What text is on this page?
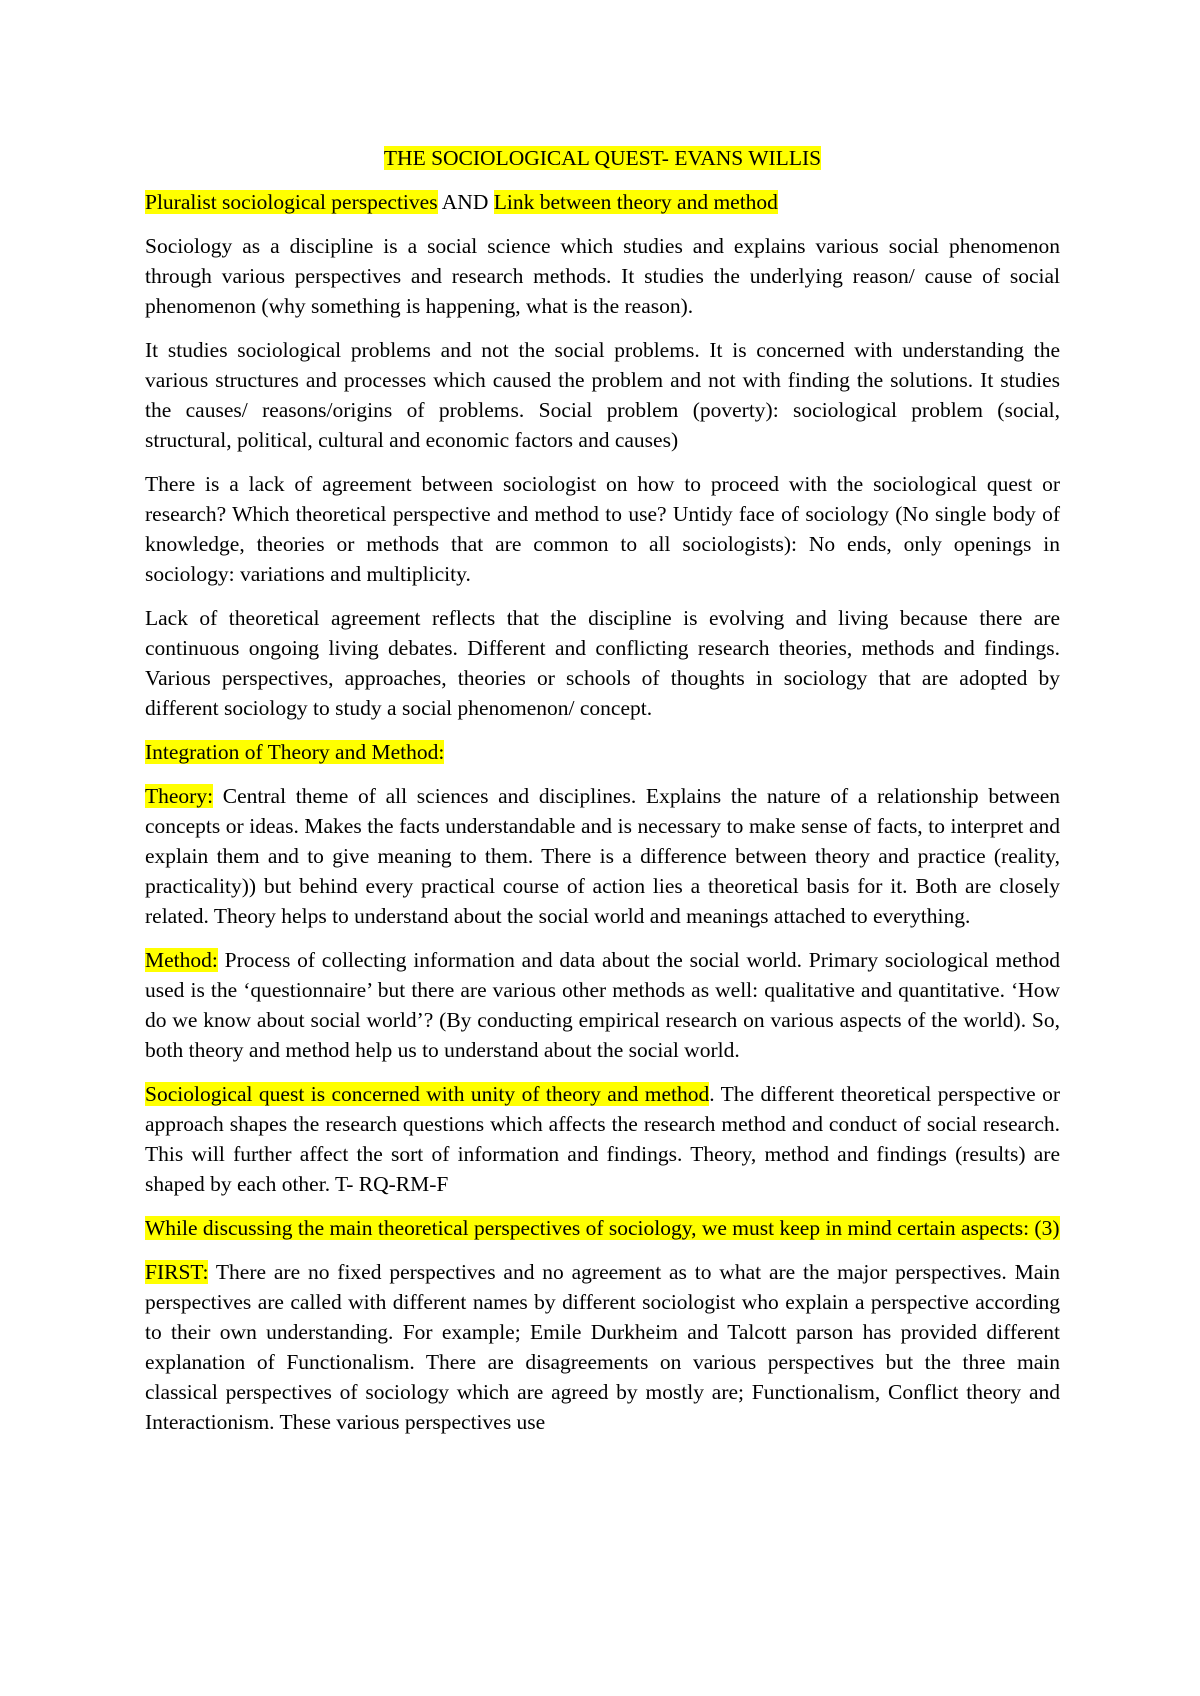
THE SOCIOLOGICAL QUEST- EVANS WILLIS
Pluralist sociological perspectives AND Link between theory and method
Sociology as a discipline is a social science which studies and explains various social phenomenon through various perspectives and research methods. It studies the underlying reason/ cause of social phenomenon (why something is happening, what is the reason).
It studies sociological problems and not the social problems. It is concerned with understanding the various structures and processes which caused the problem and not with finding the solutions. It studies the causes/ reasons/origins of problems. Social problem (poverty): sociological problem (social, structural, political, cultural and economic factors and causes)
There is a lack of agreement between sociologist on how to proceed with the sociological quest or research? Which theoretical perspective and method to use? Untidy face of sociology (No single body of knowledge, theories or methods that are common to all sociologists): No ends, only openings in sociology: variations and multiplicity.
Lack of theoretical agreement reflects that the discipline is evolving and living because there are continuous ongoing living debates. Different and conflicting research theories, methods and findings. Various perspectives, approaches, theories or schools of thoughts in sociology that are adopted by different sociology to study a social phenomenon/ concept.
Integration of Theory and Method:
Theory: Central theme of all sciences and disciplines. Explains the nature of a relationship between concepts or ideas. Makes the facts understandable and is necessary to make sense of facts, to interpret and explain them and to give meaning to them. There is a difference between theory and practice (reality, practicality)) but behind every practical course of action lies a theoretical basis for it. Both are closely related. Theory helps to understand about the social world and meanings attached to everything.
Method: Process of collecting information and data about the social world. Primary sociological method used is the ‘questionnaire’ but there are various other methods as well: qualitative and quantitative. ‘How do we know about social world’? (By conducting empirical research on various aspects of the world). So, both theory and method help us to understand about the social world.
Sociological quest is concerned with unity of theory and method. The different theoretical perspective or approach shapes the research questions which affects the research method and conduct of social research. This will further affect the sort of information and findings. Theory, method and findings (results) are shaped by each other. T- RQ-RM-F
While discussing the main theoretical perspectives of sociology, we must keep in mind certain aspects: (3)
FIRST: There are no fixed perspectives and no agreement as to what are the major perspectives. Main perspectives are called with different names by different sociologist who explain a perspective according to their own understanding. For example; Emile Durkheim and Talcott parson has provided different explanation of Functionalism. There are disagreements on various perspectives but the three main classical perspectives of sociology which are agreed by mostly are; Functionalism, Conflict theory and Interactionism. These various perspectives use
